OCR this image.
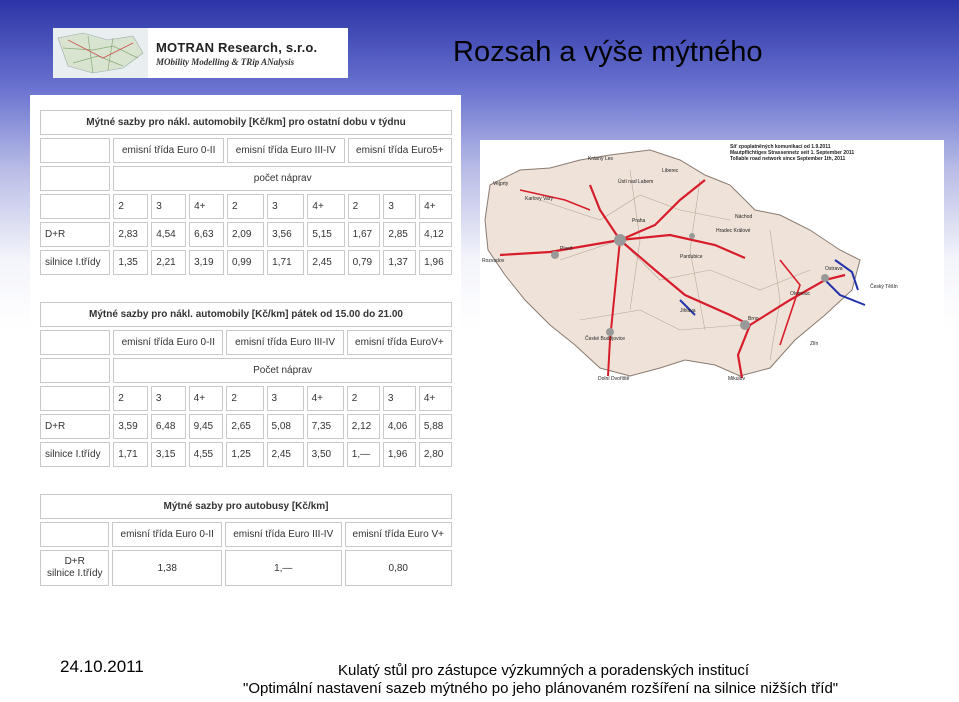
MOTRAN Research, s.r.o.
MObility Modelling & TRip ANalysis	Rozsah a výše mýtného
Mýtné sazby pro nákl. automobily [Kč/km] pro ostatní dobu v týdnu									
	emisní třída Euro 0-II			emisní třída Euro III-IV			emisní třída Euro5+		
	počet náprav								
	2	3	4+	2	3	4+	2	3	4+
D+R	2,83	4,54	6,63	2,09	3,56	5,15	1,67	2,85	4,12
silnice I.třídy	1,35	2,21	3,19	0,99	1,71	2,45	0,79	1,37	1,96
Mýtné sazby pro nákl. automobily [Kč/km] pátek od 15.00 do 21.00									
	emisní třída Euro 0-II			emisní třída Euro III-IV			emisní třída EuroV+		
	Počet náprav								
	2	3	4+	2	3	4+	2	3	4+
D+R	3,59	6,48	9,45	2,65	5,08	7,35	2,12	4,06	5,88
silnice I.třídy	1,71	3,15	4,55	1,25	2,45	3,50	1,—	1,96	2,80
Mýtné sazby pro autobusy [Kč/km]			
	emisní třída Euro 0-II	emisní třída Euro III-IV	emisní třída Euro V+
D+R
silnice I.třídy	1,38	1,—	0,80
Vejprty
Karlovy Vary
Ústí nad Labem
Liberec
Praha
Hradec Králové
Pardubice
Plzeň
Jihlava
České Budějovice
Brno
Olomouc
Ostrava
Zlín
Náchod
Český Těšín
Mikulov
Dolní Dvořiště
Rozvadov
Krásný Les
Síť zpoplatněných komunikací od 1.9.2011
Mautpflichtiges Strassennetz seit 1. September 2011
Tollable road network since September 1th, 2011
24.10.2011	Kulatý stůl pro zástupce výzkumných a poradenských institucí
"Optimální nastavení sazeb mýtného po jeho plánovaném rozšíření na silnice nižších tříd"
